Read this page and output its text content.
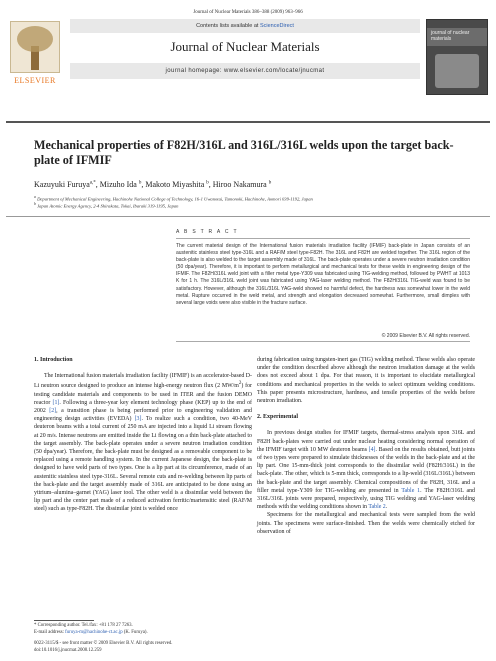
Journal of Nuclear Materials 386–388 (2009) 963–966
ELSEVIER
Contents lists available at ScienceDirect
Journal of Nuclear Materials
journal homepage: www.elsevier.com/locate/jnucmat
journal of nuclear materials
Mechanical properties of F82H/316L and 316L/316L welds upon the target back-plate of IFMIF
Kazuyuki Furuya$^{a,*}$, Mizuho Ida $^b$, Makoto Miyashita $^b$, Hiroo Nakamura $^b$
$^a$ Department of Mechanical Engineering, Hachinohe National College of Technology, 16-1 Uwanotai, Tamonoki, Hachinohe, Aomori 039-1192, Japan
$^b$ Japan Atomic Energy Agency, 2-4 Shirakata, Tokai, Ibaraki 319-1195, Japan
A B S T R A C T
The current material design of the International fusion materials irradiation facility (IFMIF) back-plate in Japan consists of an austenitic stainless steel type-316L and a RAF/M steel type-F82H. The 316L and F82H are welded together. The 316L region of the back-plate is also welded to the target assembly made of 316L. The back-plate operates under a severe neutron irradiation condition (50 dpa/year). Therefore, it is important to perform metallurgical and mechanical tests for these welds in engineering design of the IFMIF. The F82H/316L weld joint with a filler metal type-Y309 was fabricated using TIG-welding method, followed by PWHT at 1013 K for 1 h. The 316L/316L weld joint was fabricated using YAG-laser welding method. The F82H/316L TIG-weld was found to be satisfactory. However, although the 316L/316L YAG-weld showed no harmful defect, the hardness was somewhat lower in the weld metal. Rupture occurred in the weld metal, and strength and elongation decreased somewhat. Furthermore, small dimples with several large voids were also visible in the fracture surface.
© 2009 Elsevier B.V. All rights reserved.
1. Introduction
The International fusion materials irradiation facility (IFMIF) is an accelerator-based D-Li neutron source designed to produce an intense high-energy neutron flux (2 $MW/m^2$) for testing candidate materials and components to be used in ITER and the fusion DEMO reactor [1]. Following a three-year key element technology phase (KEP) up to the end of 2002 [2], a transition phase is being performed prior to engineering validation and engineering design activities (EVEDA) [3]. To realize such a condition, two 40-MeV deuteron beams with a total current of 250 mA are injected into a liquid Li stream flowing at 20 m/s. Intense neutrons are emitted inside the Li flowing on a thin back-plate attached to the target assembly. The back-plate operates under a severe neutron irradiation condition (50 dpa/year). Therefore, the back-plate must be designed as a removable component to be replaced using a remote handling system. In the current Japanese design, the back-plate is designed to have weld parts of two types. One is a lip part at its circumference, made of an austenitic stainless steel type-316L. Several remote cuts and re-welding between lip parts of the back-plate and the target assembly made of 316L are anticipated to be done using an yttrium–alumina–garnet (YAG) laser tool. The other weld is a dissimilar weld between the lip part and the center part made of a reduced activation ferritic/martensitic steel (RAF/M steel) such as type-F82H. The dissimilar joint is welded once
during fabrication using tungsten-inert gas (TIG) welding method. These welds also operate under the condition described above although the neutron irradiation damage at the welds does not exceed about 1 dpa. For that reason, it is important to elucidate metallurgical conditions and mechanical properties in the welds to select optimum welding conditions. This paper presents microstructure, hardness, and tensile properties of the welds before neutron irradiation.
2. Experimental
In previous design studies for IFMIF targets, thermal-stress analysis upon 316L and F82H back-plates were carried out under nuclear heating considering normal operation of the IFMIF target with 10 MW deuteron beams [4]. Based on the results obtained, butt joints of two types were prepared to simulate thicknesses of the welds in the back-plate and at the lip part. One 15-mm-thick joint corresponds to the dissimilar weld (F82H/316L) in the back-plate. The other, which is 5-mm thick, corresponds to a lip-weld (316L/316L) between the back-plate and the target assembly. Chemical compositions of the F82H, 316L and a filler metal type-Y309 for TIG-welding are presented in Table 1. The F82H/316L and 316L/316L joints were prepared, respectively, using TIG welding and YAG-laser welding methods with the welding conditions shown in Table 2.
Specimens for the metallurgical and mechanical tests were sampled from the weld joints. The specimens were surface-finished. Then the welds were chemically etched for observation of
* Corresponding author. Tel./fax: +81 178 27 7263.
E-mail address: furuya-m@hachinohe-ct.ac.jp (K. Furuya).
0022-3115/$ - see front matter © 2009 Elsevier B.V. All rights reserved.
doi:10.1016/j.jnucmat.2008.12.259
